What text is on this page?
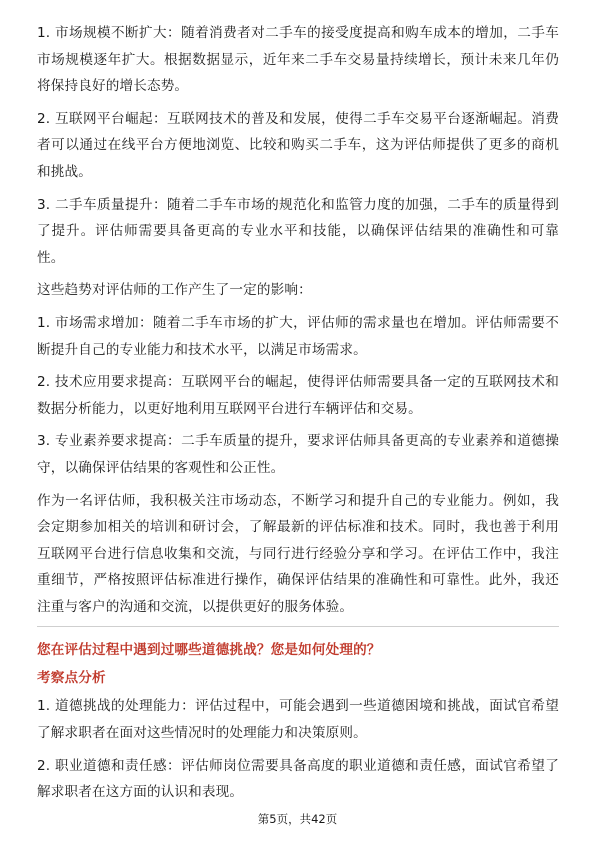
1. 市场规模不断扩大：随着消费者对二手车的接受度提高和购车成本的增加，二手车市场规模逐年扩大。根据数据显示，近年来二手车交易量持续增长，预计未来几年仍将保持良好的增长态势。

2. 互联网平台崛起：互联网技术的普及和发展，使得二手车交易平台逐渐崛起。消费者可以通过在线平台方便地浏览、比较和购买二手车，这为评估师提供了更多的商机和挑战。

3. 二手车质量提升：随着二手车市场的规范化和监管力度的加强，二手车的质量得到了提升。评估师需要具备更高的专业水平和技能，以确保评估结果的准确性和可靠性。

这些趋势对评估师的工作产生了一定的影响：

1. 市场需求增加：随着二手车市场的扩大，评估师的需求量也在增加。评估师需要不断提升自己的专业能力和技术水平，以满足市场需求。

2. 技术应用要求提高：互联网平台的崛起，使得评估师需要具备一定的互联网技术和数据分析能力，以更好地利用互联网平台进行车辆评估和交易。

3. 专业素养要求提高：二手车质量的提升，要求评估师具备更高的专业素养和道德操守，以确保评估结果的客观性和公正性。

作为一名评估师，我积极关注市场动态，不断学习和提升自己的专业能力。例如，我会定期参加相关的培训和研讨会，了解最新的评估标准和技术。同时，我也善于利用互联网平台进行信息收集和交流，与同行进行经验分享和学习。在评估工作中，我注重细节，严格按照评估标准进行操作，确保评估结果的准确性和可靠性。此外，我还注重与客户的沟通和交流，以提供更好的服务体验。

您在评估过程中遇到过哪些道德挑战？您是如何处理的？

考察点分析

1. 道德挑战的处理能力：评估过程中，可能会遇到一些道德困境和挑战，面试官希望了解求职者在面对这些情况时的处理能力和决策原则。

2. 职业道德和责任感：评估师岗位需要具备高度的职业道德和责任感，面试官希望了解求职者在这方面的认识和表现。

第5页，共42页
